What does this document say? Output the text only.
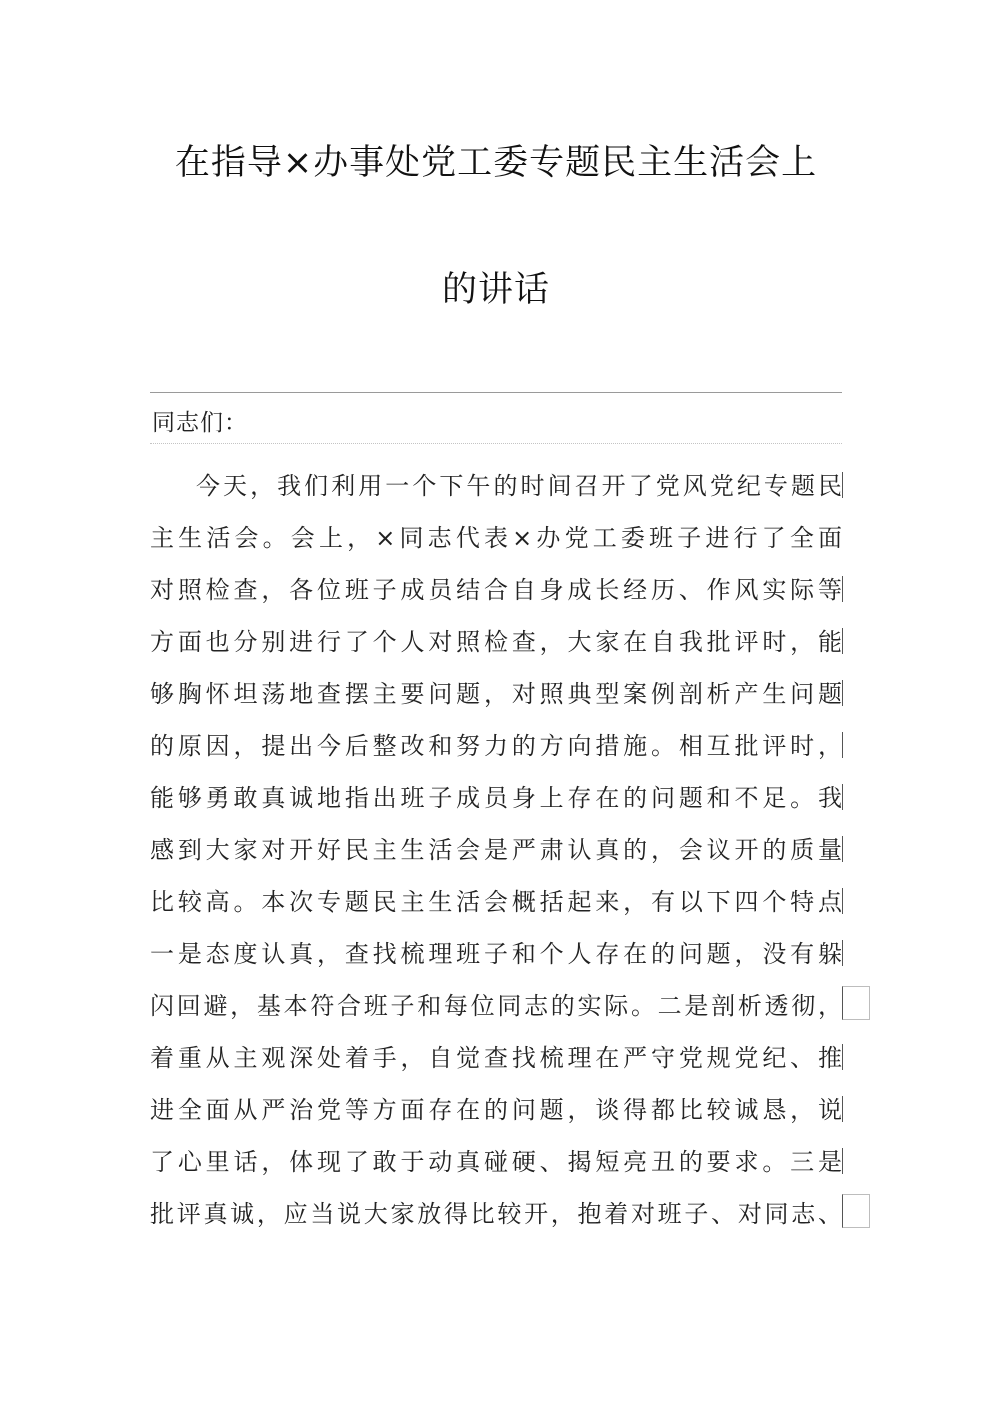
在指导×办事处党工委专题民主生活会上
的讲话

同志们：

今天，我们利用一个下午的时间召开了党风党纪专题民
主生活会。会上，×同志代表×办党工委班子进行了全面
对照检查，各位班子成员结合自身成长经历、作风实际等
方面也分别进行了个人对照检查，大家在自我批评时，能
够胸怀坦荡地查摆主要问题，对照典型案例剖析产生问题
的原因，提出今后整改和努力的方向措施。相互批评时，
能够勇敢真诚地指出班子成员身上存在的问题和不足。我
感到大家对开好民主生活会是严肃认真的，会议开的质量
比较高。本次专题民主生活会概括起来，有以下四个特点
一是态度认真，查找梳理班子和个人存在的问题，没有躲
闪回避，基本符合班子和每位同志的实际。二是剖析透彻，
着重从主观深处着手，自觉查找梳理在严守党规党纪、推
进全面从严治党等方面存在的问题，谈得都比较诚恳，说
了心里话，体现了敢于动真碰硬、揭短亮丑的要求。三是
批评真诚，应当说大家放得比较开，抱着对班子、对同志、
